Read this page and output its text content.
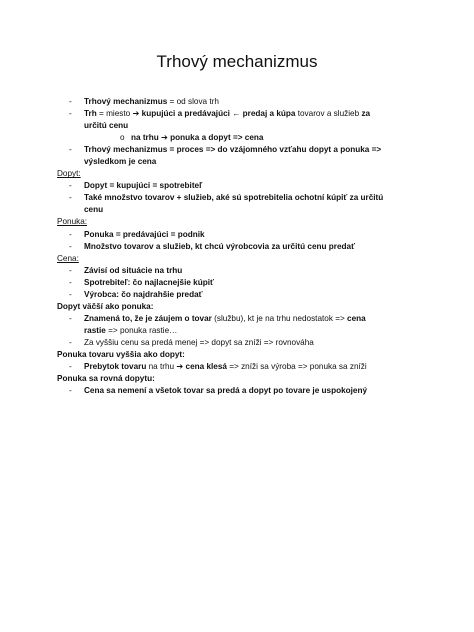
Trhový mechanizmus
-	Trhový mechanizmus = od slova trh
-	Trh = miesto ➔ kupujúci a predávajúci ← predaj a kúpa tovarov a služieb za určitú cenu
o na trhu ➔ ponuka a dopyt => cena
-	Trhový mechanizmus = proces => do vzájomného vzťahu dopyt a ponuka => výsledkom je cena
Dopyt:
-	Dopyt = kupujúci = spotrebiteľ
-	Také množstvo tovarov + služieb, aké sú spotrebitelia ochotní kúpiť za určitú cenu
Ponuka:
-	Ponuka = predávajúci = podnik
-	Množstvo tovarov a služieb, kt chcú výrobcovia za určitú cenu predať
Cena:
-	Závisí od situácie na trhu
-	Spotrebiteľ: čo najlacnejšie kúpiť
-	Výrobca: čo najdrahšie predať
Dopyt väčší ako ponuka:
-	Znamená to, že je záujem o tovar (službu), kt je na trhu nedostatok => cena rastie => ponuka rastie…
-	Za vyššiu cenu sa predá menej => dopyt sa zníži => rovnováha
Ponuka tovaru vyššia ako dopyt:
-	Prebytok tovaru na trhu ➔ cena klesá => zníži sa výroba => ponuka sa zníži
Ponuka sa rovná dopytu:
-	Cena sa nemení a všetok tovar sa predá a dopyt po tovare je uspokojený
